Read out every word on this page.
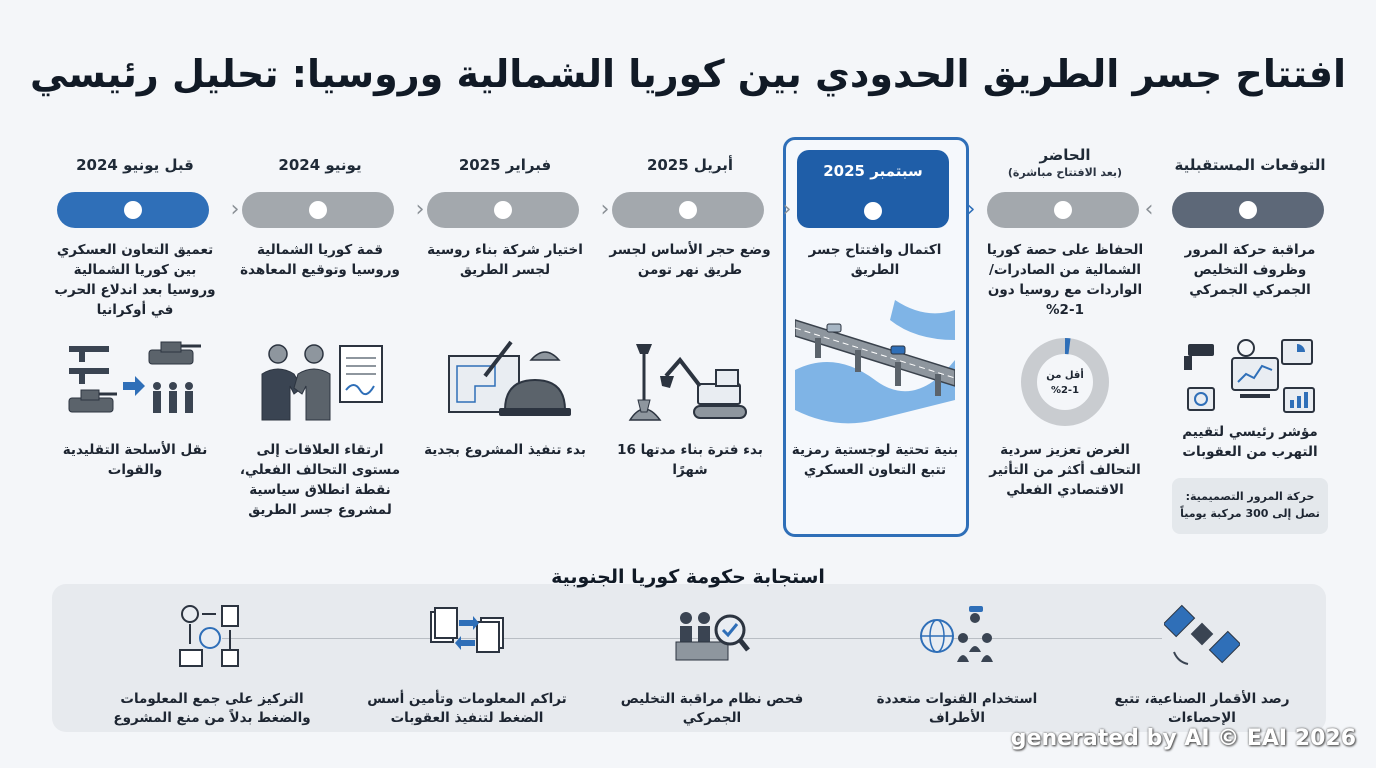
افتتاح جسر الطريق الحدودي بين كوريا الشمالية وروسيا: تحليل رئيسي
التوقعات المستقبلية
مراقبة حركة المرور وظروف التخليص الجمركي الجمركي
مؤشر رئيسي لتقييم التهرب من العقوبات
حركة المرور التصميمية: تصل إلى 300 مركبة يومياً
‹
الحاضر
(بعد الافتتاح مباشرة)
الحفاظ على حصة كوريا الشمالية من الصادرات/الواردات مع روسيا دون 1-2%
أقل من
%2-1
الغرض تعزيز سردية التحالف أكثر من التأثير الاقتصادي الفعلي
سبتمبر 2025
اكتمال وافتتاح جسر الطريق
بنية تحتية لوجستية رمزية تتبع التعاون العسكري
›
أبريل 2025
وضع حجر الأساس لجسر طريق نهر تومن
بدء فترة بناء مدتها 16 شهرًا
›
فبراير 2025
اختيار شركة بناء روسية لجسر الطريق
بدء تنفيذ المشروع بجدية
›
يونيو 2024
قمة كوريا الشمالية وروسيا وتوقيع المعاهدة
ارتقاء العلاقات إلى مستوى التحالف الفعلي، نقطة انطلاق سياسية لمشروع جسر الطريق
›
قبل يونيو 2024
تعميق التعاون العسكري بين كوريا الشمالية وروسيا بعد اندلاع الحرب في أوكرانيا
نقل الأسلحة التقليدية والقوات
›
رصد الأقمار الصناعية، تتبع الإحصاءات
استخدام القنوات متعددة الأطراف
فحص نظام مراقبة التخليص الجمركي
تراكم المعلومات وتأمين أسس الضغط لتنفيذ العقوبات
التركيز على جمع المعلومات والضغط بدلاً من منع المشروع
استجابة حكومة كوريا الجنوبية
generated by AI © EAI 2026
